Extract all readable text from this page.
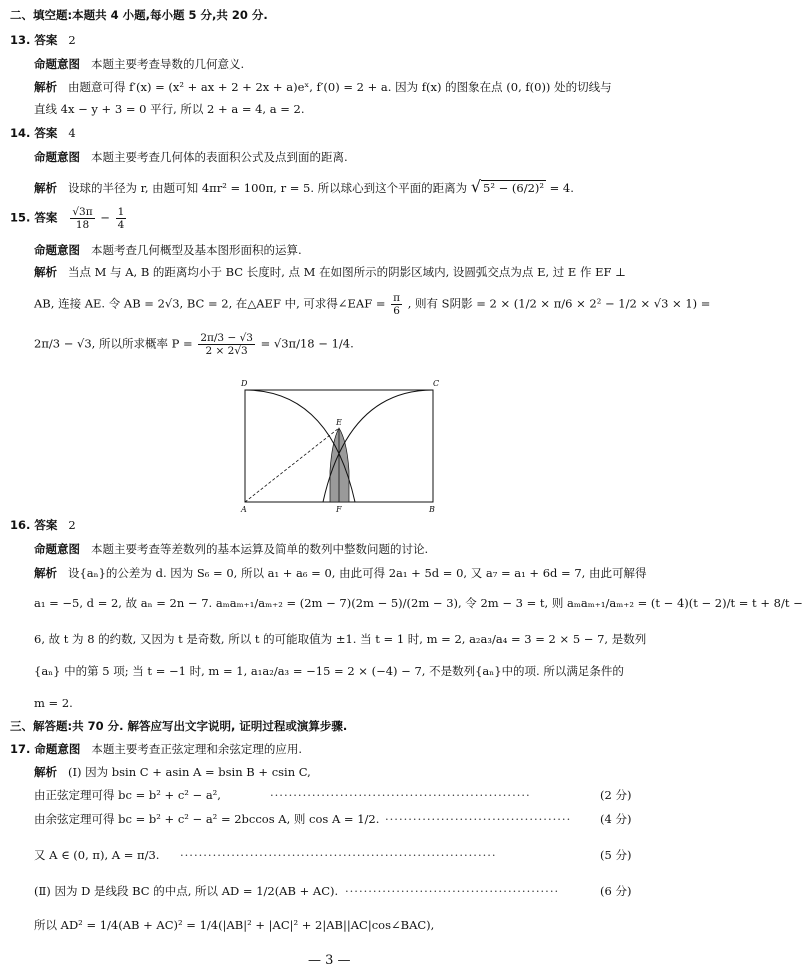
二、填空题:本题共 4 小题,每小题 5 分,共 20 分.
13. 答案 2
命题意图 本题主要考查导数的几何意义.
解析 由题意可得 f′(x) = (x² + ax + 2 + 2x + a)eˣ, f′(0) = 2 + a. 因为 f(x) 的图象在点 (0, f(0)) 处的切线与
直线 4x − y + 3 = 0 平行, 所以 2 + a = 4, a = 2.
14. 答案 4
命题意图 本题主要考查几何体的表面积公式及点到面的距离.
解析 设球的半径为 r, 由题可知 4πr² = 100π, r = 5. 所以球心到这个平面的距离为 √ 5² − (6/2)² = 4.
15. 答案 $\frac{√3\pi}{18} - \frac{1}{4}$
命题意图 本题考查几何概型及基本图形面积的运算.
解析 当点 M 与 A, B 的距离均小于 BC 长度时, 点 M 在如图所示的阴影区域内, 设圆弧交点为点 E, 过 E 作 EF ⊥
AB, 连接 AE. 令 AB = 2√3, BC = 2, 在△AEF 中, 可求得∠EAF = $\frac{\pi}{6}$ , 则有 S阴影 = 2 × (1/2 × π/6 × 2² − 1/2 × √3 × 1) =
2π/3 − √3, 所以所求概率 $P = \frac{2\pi/3 - √3}{2 \times 2√3} = √3\pi/18 - 1/4$.
D	C
E
A	F	B
16. 答案 2
命题意图 本题主要考查等差数列的基本运算及简单的数列中整数问题的讨论.
解析 设{aₙ}的公差为 d. 因为 S₆ = 0, 所以 a₁ + a₆ = 0, 由此可得 2a₁ + 5d = 0, 又 a₇ = a₁ + 6d = 7, 由此可解得
a₁ = −5, d = 2, 故 aₙ = 2n − 7. aₘaₘ₊₁/aₘ₊₂ = (2m − 7)(2m − 5)/(2m − 3), 令 2m − 3 = t, 则 aₘaₘ₊₁/aₘ₊₂ = (t − 4)(t − 2)/t = t + 8/t −
6, 故 t 为 8 的约数, 又因为 t 是奇数, 所以 t 的可能取值为 ±1. 当 t = 1 时, m = 2, a₂a₃/a₄ = 3 = 2 × 5 − 7, 是数列
{aₙ} 中的第 5 项; 当 t = −1 时, m = 1, a₁a₂/a₃ = −15 = 2 × (−4) − 7, 不是数列{aₙ}中的项. 所以满足条件的
m = 2.
三、解答题:共 70 分. 解答应写出文字说明, 证明过程或演算步骤.
17. 命题意图 本题主要考查正弦定理和余弦定理的应用.
解析 (Ⅰ) 因为 bsin C + asin A = bsin B + csin C,
由正弦定理可得 bc = b² + c² − a²,	························································	(2 分)
由余弦定理可得 bc = b² + c² − a² = 2bccos A, 则 cos A = 1/2. ········································	(4 分)
又 A ∈ (0, π), A = π/3. ····································································	(5 分)
(Ⅱ) 因为 D 是线段 BC 的中点, 所以 AD = 1/2(AB + AC). ··············································	(6 分)
所以 AD² = 1/4(AB + AC)² = 1/4(|AB|² + |AC|² + 2|AB||AC|cos∠BAC),
— 3 —
